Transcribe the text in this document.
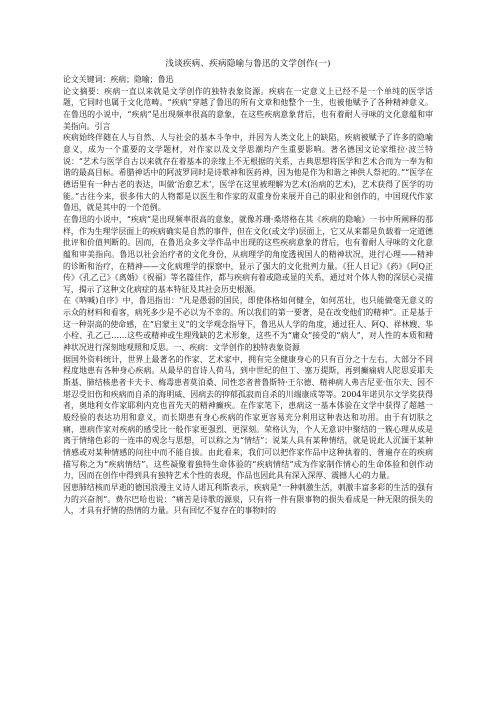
浅谈疾病、疾病隐喻与鲁迅的文学创作(一)

论文关键词：疾病；隐喻；鲁迅

论文摘要：疾病一直以来就是文学创作的独特表象资源。疾病在一定意义上已经不是一个单纯的医学话题，它同时也属于文化范畴。“疾病”穿越了鲁迅的所有文章和他整个一生，也被他赋予了各种精神意义。在鲁迅的小说中，“疾病”是出现频率很高的意象，在这些疾病意象背后，也有着耐人寻味的文化意蕴和审美指向。引言

疾病始终伴随在人与自然、人与社会的基本斗争中，并因为人类文化上的缺陷，疾病被赋予了许多的隐喻意义，成为一个重要的文学题材，对作家以及文学思潮均产生重要影响。著名德国文论家维拉·波兰特说：“艺术与医学自古以来就存在着基本的亲缘上不无根据的关系，古典思想将医学和艺术合而为一奉为和谐的最高目标。希腊神话中的阿波罗同时是诗歌神和医药神，因为他是作为和谐之神供人祭祀的。”“医学在德语里有一种古老的表达，叫做‘治愈艺术’，医学在这里被理解为艺术(治病的艺术)，艺术获得了医学的功能。”古往今来，很多伟大的人物都是以医生和作家的双重身份来展开自己的职业和创作的，中国现代作家鲁迅，就是其中的一个范例。

在鲁迅的小说中，“疾病”是出现频率很高的意象，就像苏珊·桑塔格在其《疾病的隐喻》一书中所阐释的那样，作为生理学层面上的疾病确实是自然的事件，但在文化(或文学)层面上，它又从来都是负载着一定道德批评和价值判断的。因而，在鲁迅众多文学作品中出现的这些疾病意象的背后，也有着耐人寻味的文化意蕴和审美指向。鲁迅以社会治疗者的文化身份，从病理学的角度透视国人的精神状况，进行心理——精神的诊断和治疗，在精神——文化病理学的探察中，显示了强大的文化批判力量。《狂人日记》《药》《阿Q正传》《孔乙己》《离婚》《祝福》等名篇佳作，都与疾病有着或隐或显的关系，通过对个体人物的深层心灵描写，揭示了这种文化病症的基本特征及其社会历史根源。

在《呐喊)自序》中，鲁迅指出：“凡是愚弱的国民，即使体格如何健全，如何茁壮，也只能做毫无意义的示众的材料和看客，病死多少是不必以为不幸的。所以我们的第一要著，是在改变他们的精神”。正是基于这一种崇高的使命感，在“启蒙主义”的文学观念指导下，鲁迅从人学的角度，通过狂人、阿Q、祥林嫂、华小栓、孔乙己……这些或精神或生理残缺的艺术形象，这些不为“庸众”接受的“病人”，对人性的本质和精神状况进行深刻地观照和反思。一、疾病：文学创作的独特表象资源

据国外资料统计，世界上最著名的作家、艺术家中，拥有完全健康身心的只有百分之十左右，大部分不同程度地患有各种身心疾病。从最早的盲诗人荷马，到中世纪的但丁、塞万提斯，再到癫痫病人陀思妥耶夫斯基、肺结核患者卡夫卡、梅毒患者莫泊桑、同性恋者普鲁斯特·王尔德、精神病人弗吉尼亚·伍尔夫、因不堪忍受旧伤和疾病而自杀的海明威、因病去的抑郁孤寂而自杀的川端康成等等。2004年诺贝尔文学奖获得者，奥地利女作家耶利内克也首先天的精神癫疾。在作家笔下，患病这一基本体验在文学中获得了超越一般经验的表达功用和意义，而长期患有身心疾病的作家更容易充分利用这种表达和功用。由于有切肤之痛，患病作家对疾病的感受比一般作家更强烈、更深刻。荣格认为，个人无意识中聚结的一簇心理从成是离于情绪色彩的一连串的观念与思想，可以称之为“情结”；说某人具有某种情结，就是说此人沉湎于某种情感或对某种情感的问往中而不能自拔。由此看来，我们可以把作家作品中这种执着的、普遍存在的疾病描写称之为“疾病情结”。这些凝聚着独特生命体验的“疾病情结”成为作家制作情心的生命体验和创作动力，因而在创作中得到具有独特艺术个性的表现，作品也因此具有深入深厚、震撼人心的力量。

因患肺结核而早逝的德国浪漫主义诗人诺瓦利斯表示，疾病是“一种刺激生活，刺激丰富多彩的生活的强有力的兴奋剂”。费尔巴哈也说：“痛苦是诗歌的源泉，只有将一件有限事物的损失看成是一种无限的损失的人，才具有抒情的热情的力量。只有回忆不复存在的事物时的
